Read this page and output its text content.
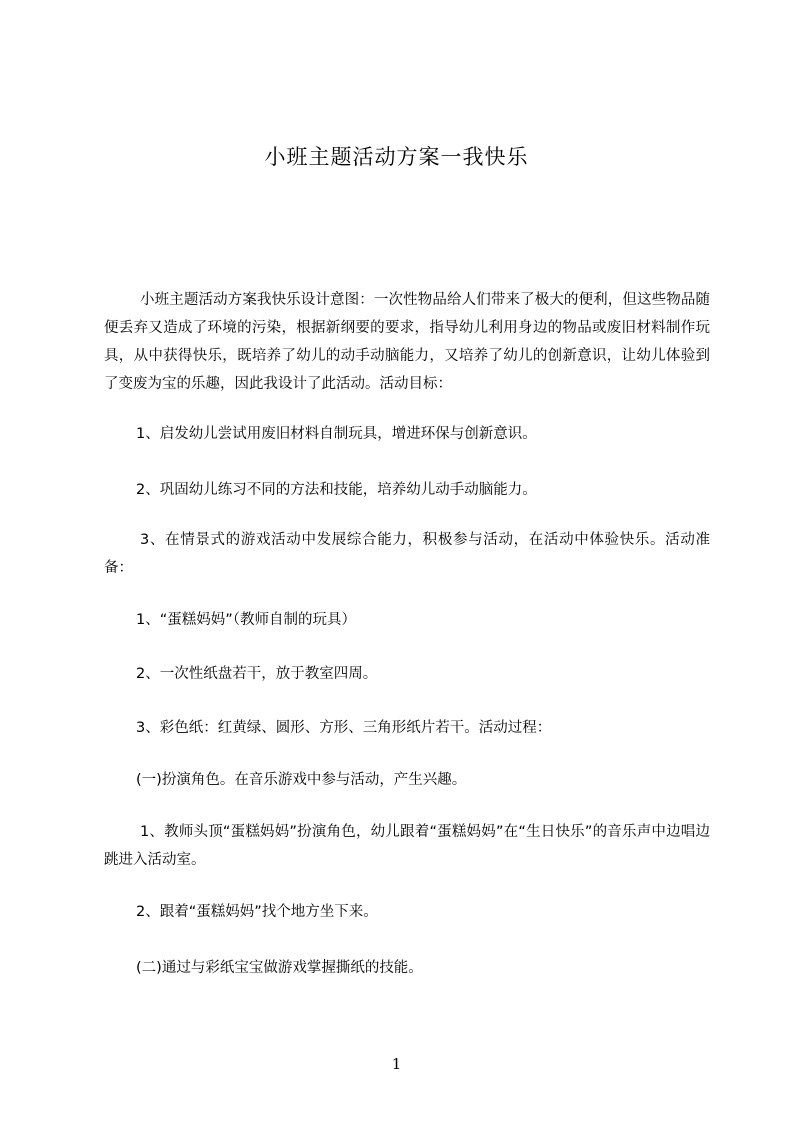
小班主题活动方案一我快乐
小班主题活动方案我快乐设计意图：一次性物品给人们带来了极大的便利，但这些物品随便丢弃又造成了环境的污染，根据新纲要的要求，指导幼儿利用身边的物品或废旧材料制作玩具，从中获得快乐，既培养了幼儿的动手动脑能力，又培养了幼儿的创新意识，让幼儿体验到了变废为宝的乐趣，因此我设计了此活动。活动目标：
1、启发幼儿尝试用废旧材料自制玩具，增进环保与创新意识。
2、巩固幼儿练习不同的方法和技能，培养幼儿动手动脑能力。
3、在情景式的游戏活动中发展综合能力，积极参与活动，在活动中体验快乐。活动准备：
1、“蛋糕妈妈”（教师自制的玩具）
2、一次性纸盘若干，放于教室四周。
3、彩色纸：红黄绿、圆形、方形、三角形纸片若干。活动过程：
(一)扮演角色。在音乐游戏中参与活动，产生兴趣。
1、教师头顶“蛋糕妈妈”扮演角色，幼儿跟着“蛋糕妈妈”在“生日快乐”的音乐声中边唱边跳进入活动室。
2、跟着“蛋糕妈妈”找个地方坐下来。
(二)通过与彩纸宝宝做游戏掌握撕纸的技能。
1
